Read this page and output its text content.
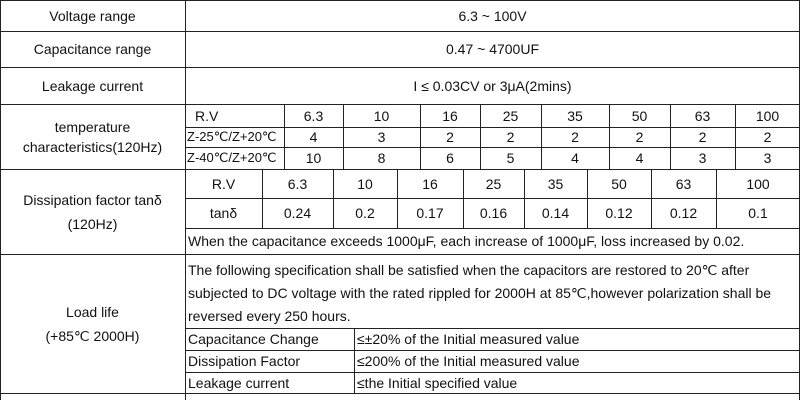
Voltage range	6.3 ~ 100V
Capacitance range	0.47 ~ 4700UF
Leakage current	I ≤ 0.03CV or 3μA(2mins)
temperature
characteristics(120Hz)
R.V	6.3	10	16	25	35	50	63	100
Z-25℃/Z+20℃	4	3	2	2	2	2	2	2
Z-40℃/Z+20℃	10	8	6	5	4	4	3	3
Dissipation factor tanδ
(120Hz)
R.V	6.3	10	16	25	35	50	63	100
tanδ	0.24	0.2	0.17	0.16	0.14	0.12	0.12	0.1
When the capacitance exceeds 1000μF, each increase of 1000μF, loss increased by 0.02.
Load life
(+85℃ 2000H)
The following specification shall be satisfied when the capacitors are restored to 20℃ after subjected to DC voltage with the rated rippled for 2000H at 85℃,however polarization shall be reversed every 250 hours.
Capacitance Change	≤±20% of the Initial measured value
Dissipation Factor	≤200% of the Initial measured value
Leakage current	≤the Initial specified value
